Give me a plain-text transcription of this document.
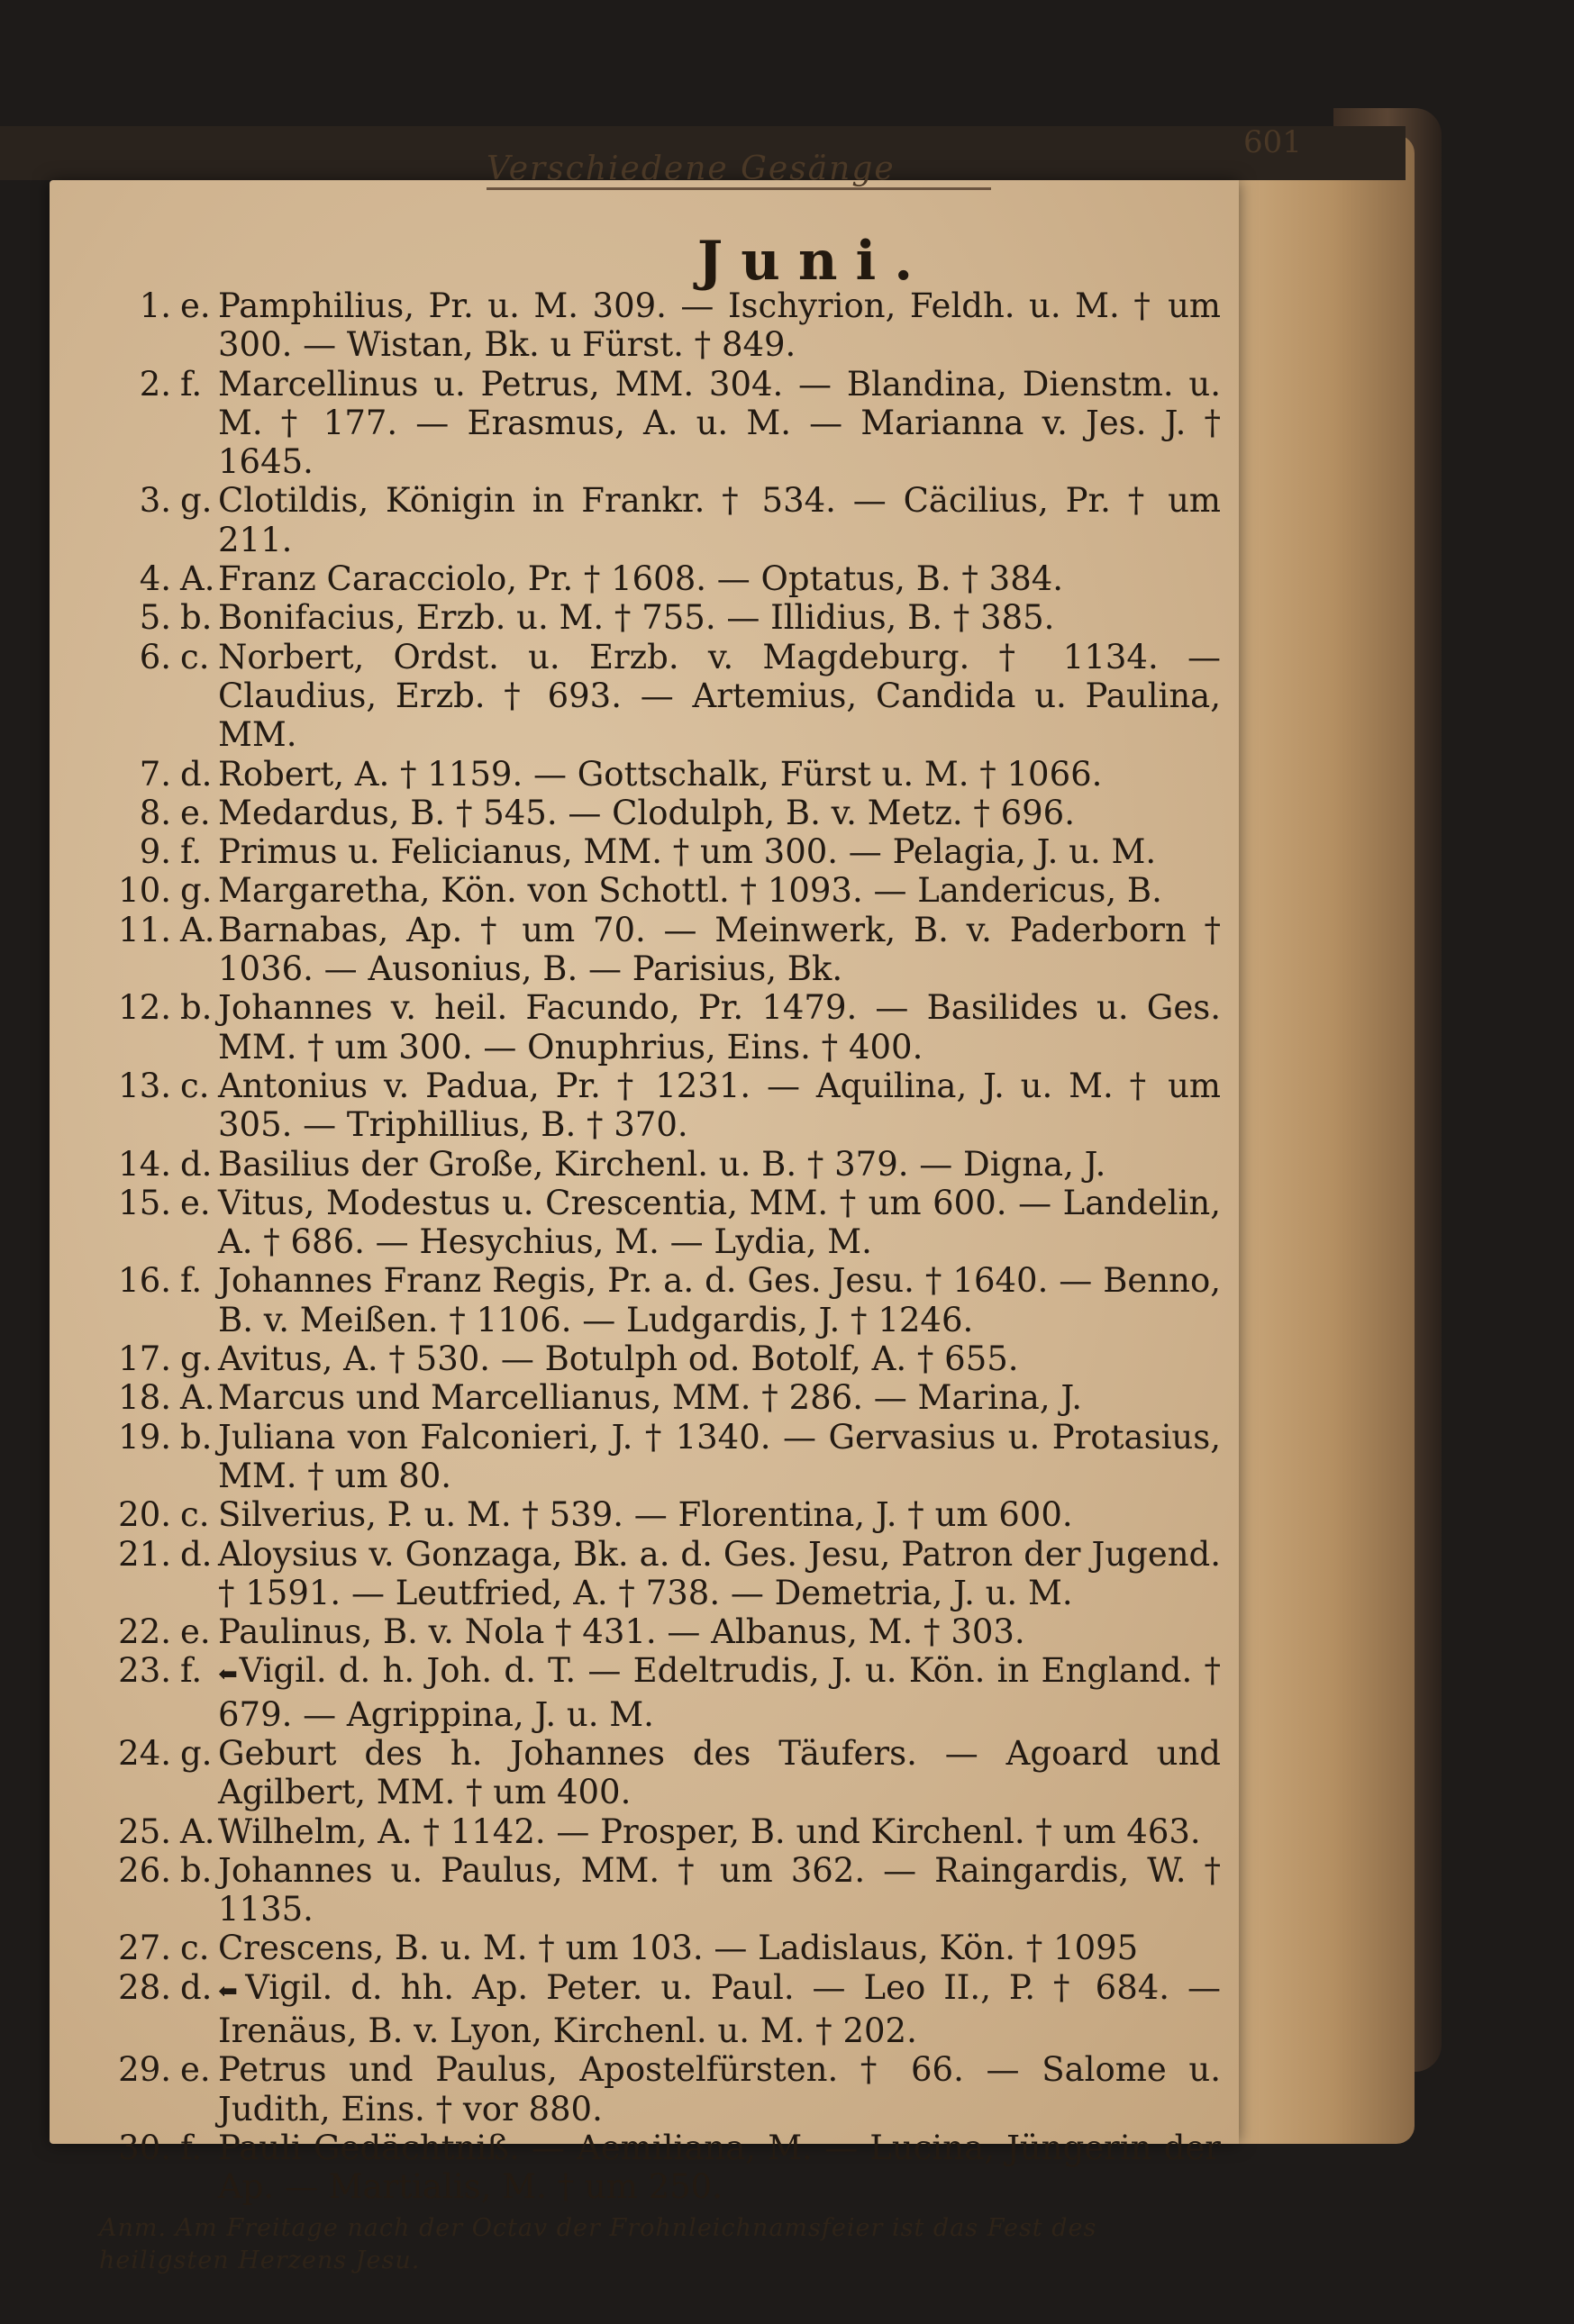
Verschiedene Gesänge
601
Juni.
1. e. Pamphilius, Pr. u. M. 309. — Ischyrion, Feldh. u. M. † um 300. — Wistan, Bk. u Fürst. † 849.
2. f. Marcellinus u. Petrus, MM. 304. — Blandina, Dienstm. u. M. † 177. — Erasmus, A. u. M. — Marianna v. Jes. J. † 1645.
3. g. Clotildis, Königin in Frankr. † 534. — Cäcilius, Pr. † um 211.
4. A. Franz Caracciolo, Pr. † 1608. — Optatus, B. † 384.
5. b. Bonifacius, Erzb. u. M. † 755. — Illidius, B. † 385.
6. c. Norbert, Ordst. u. Erzb. v. Magdeburg. † 1134. — Claudius, Erzb. † 693. — Artemius, Candida u. Paulina, MM.
7. d. Robert, A. † 1159. — Gottschalk, Fürst u. M. † 1066.
8. e. Medardus, B. † 545. — Clodulph, B. v. Metz. † 696.
9. f. Primus u. Felicianus, MM. † um 300. — Pelagia, J. u. M.
10. g. Margaretha, Kön. von Schottl. † 1093. — Landericus, B.
11. A. Barnabas, Ap. † um 70. — Meinwerk, B. v. Paderborn † 1036. — Ausonius, B. — Parisius, Bk.
12. b. Johannes v. heil. Facundo, Pr. 1479. — Basilides u. Ges. MM. † um 300. — Onuphrius, Eins. † 400.
13. c. Antonius v. Padua, Pr. † 1231. — Aquilina, J. u. M. † um 305. — Triphillius, B. † 370.
14. d. Basilius der Große, Kirchenl. u. B. † 379. — Digna, J.
15. e. Vitus, Modestus u. Crescentia, MM. † um 600. — Landelin, A. † 686. — Hesychius, M. — Lydia, M.
16. f. Johannes Franz Regis, Pr. a. d. Ges. Jesu. † 1640. — Benno, B. v. Meißen. † 1106. — Ludgardis, J. † 1246.
17. g. Avitus, A. † 530. — Botulph od. Botolf, A. † 655.
18. A. Marcus und Marcellianus, MM. † 286. — Marina, J.
19. b. Juliana von Falconieri, J. † 1340. — Gervasius u. Protasius, MM. † um 80.
20. c. Silverius, P. u. M. † 539. — Florentina, J. † um 600.
21. d. Aloysius v. Gonzaga, Bk. a. d. Ges. Jesu, Patron der Jugend. † 1591. — Leutfried, A. † 738. — Demetria, J. u. M.
22. e. Paulinus, B. v. Nola † 431. — Albanus, M. † 303.
23. f. ⬅ Vigil. d. h. Joh. d. T. — Edeltrudis, J. u. Kön. in England. † 679. — Agrippina, J. u. M.
24. g. Geburt des h. Johannes des Täufers. — Agoard und Agilbert, MM. † um 400.
25. A. Wilhelm, A. † 1142. — Prosper, B. und Kirchenl. † um 463.
26. b. Johannes u. Paulus, MM. † um 362. — Raingardis, W. † 1135.
27. c. Crescens, B. u. M. † um 103. — Ladislaus, Kön. † 1095
28. d. ⬅ Vigil. d. hh. Ap. Peter. u. Paul. — Leo II., P. † 684. — Irenäus, B. v. Lyon, Kirchenl. u. M. † 202.
29. e. Petrus und Paulus, Apostelfürsten. † 66. — Salome u. Judith, Eins. † vor 880.
30. f. Pauli Gedächtniß. — Aemiliana, M. — Lucina, Jüngerin der Ap. — Martialis, M. † um 250.
Anm. Am Freitage nach der Octav der Frohnleichnamsfeier ist das Fest des heiligsten Herzens Jesu.
